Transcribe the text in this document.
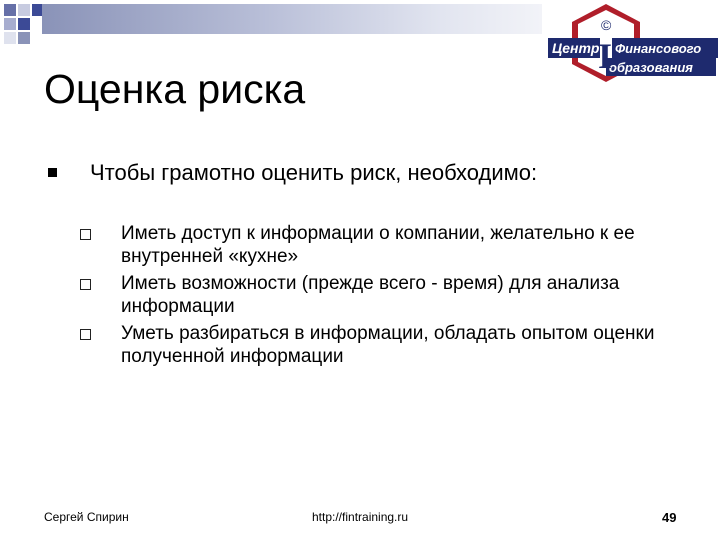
Центр Финансового
образования
I
©
Оценка риска
Чтобы грамотно оценить риск, необходимо:
Иметь доступ к информации о компании, желательно к ее внутренней «кухне»
Иметь возможности (прежде всего - время) для анализа информации
Уметь разбираться в информации, обладать опытом оценки полученной информации
Сергей Спирин	http://fintraining.ru	49
